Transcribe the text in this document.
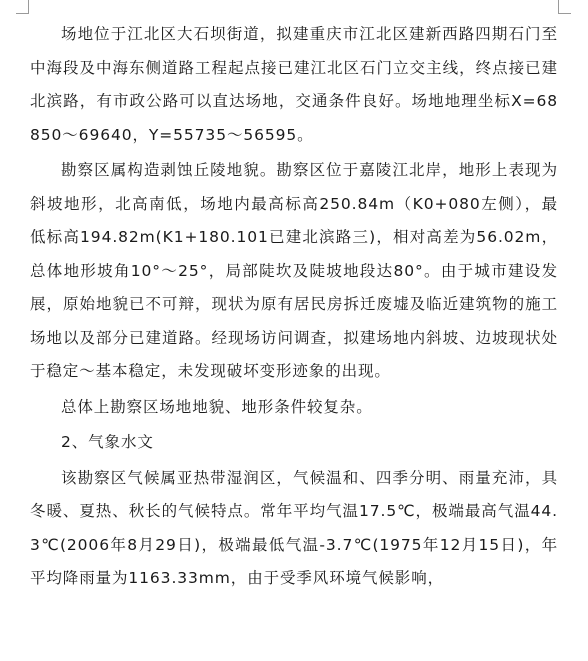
场地位于江北区大石坝街道，拟建重庆市江北区建新西路四期石门至中海段及中海东侧道路工程起点接已建江北区石门立交主线，终点接已建北滨路，有市政公路可以直达场地，交通条件良好。场地地理坐标X=68850～69640，Y=55735～56595。

勘察区属构造剥蚀丘陵地貌。勘察区位于嘉陵江北岸，地形上表现为斜坡地形，北高南低，场地内最高标高250.84m（K0+080左侧），最低标高194.82m(K1+180.101已建北滨路三)，相对高差为56.02m，总体地形坡角10°～25°，局部陡坎及陡坡地段达80°。由于城市建设发展，原始地貌已不可辩，现状为原有居民房拆迁废墟及临近建筑物的施工场地以及部分已建道路。经现场访问调查，拟建场地内斜坡、边坡现状处于稳定～基本稳定，未发现破坏变形迹象的出现。

总体上勘察区场地地貌、地形条件较复杂。

2、气象水文

该勘察区气候属亚热带湿润区，气候温和、四季分明、雨量充沛，具冬暖、夏热、秋长的气候特点。常年平均气温17.5℃，极端最高气温44.3℃(2006年8月29日)，极端最低气温-3.7℃(1975年12月15日)，年平均降雨量为1163.33mm，由于受季风环境气候影响，
